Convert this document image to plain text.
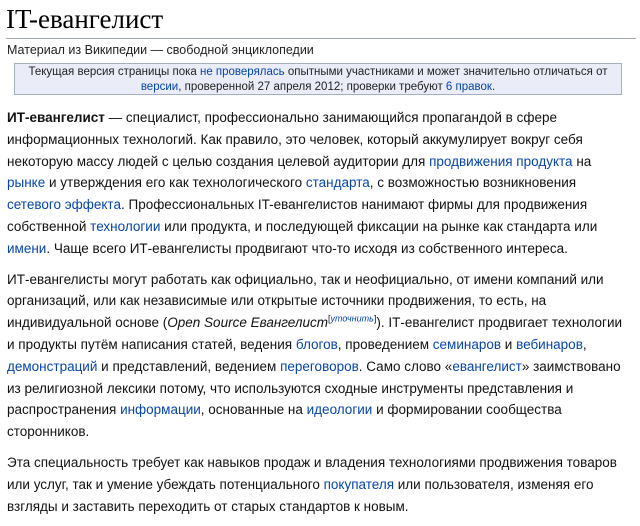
IT-евангелист
Материал из Википедии — свободной энциклопедии
Текущая версия страницы пока не проверялась опытными участниками и может значительно отличаться от
версии, проверенной 27 апреля 2012; проверки требуют 6 правок.

ИТ-евангелист — специалист, профессионально занимающийся пропагандой в сфере информационных технологий. Как правило, это человек, который аккумулирует вокруг себя некоторую массу людей с целью создания целевой аудитории для продвижения продукта на рынке и утверждения его как технологического стандарта, с возможностью возникновения сетевого эффекта. Профессиональных IT-евангелистов нанимают фирмы для продвижения собственной технологии или продукта, и последующей фиксации на рынке как стандарта или имени. Чаще всего ИТ-евангелисты продвигают что-то исходя из собственного интереса.

ИТ-евангелисты могут работать как официально, так и неофициально, от имени компаний или организаций, или как независимые или открытые источники продвижения, то есть, на индивидуальной основе (Open Source Евангелист[уточнить]). IТ-евангелист продвигает технологии и продукты путём написания статей, ведения блогов, проведением семинаров и вебинаров, демонстраций и представлений, ведением переговоров. Само слово «евангелист» заимствовано из религиозной лексики потому, что используются сходные инструменты представления и распространения информации, основанные на идеологии и формировании сообщества сторонников.

Эта специальность требует как навыков продаж и владения технологиями продвижения товаров или услуг, так и умение убеждать потенциального покупателя или пользователя, изменяя его взгляды и заставить переходить от старых стандартов к новым.
